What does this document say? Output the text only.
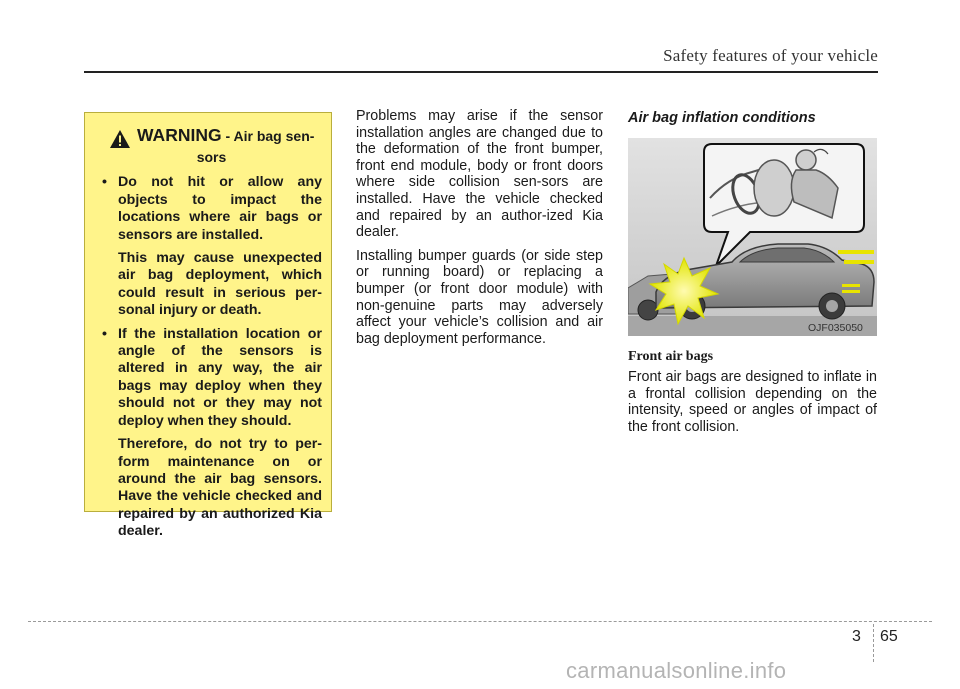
Safety features of your vehicle
WARNING - Air bag sen-
sors
• Do not hit or allow any objects to impact the locations where air bags or sensors are installed.
This may cause unexpected air bag deployment, which could result in serious per-sonal injury or death.
• If the installation location or angle of the sensors is altered in any way, the air bags may deploy when they should not or they may not deploy when they should.
Therefore, do not try to per-form maintenance on or around the air bag sensors. Have the vehicle checked and repaired by an authorized Kia dealer.

Problems may arise if the sensor installation angles are changed due to the deformation of the front bumper, front end module, body or front doors where side collision sen-sors are installed. Have the vehicle checked and repaired by an author-ized Kia dealer.

Installing bumper guards (or side step or running board) or replacing a bumper (or front door module) with non-genuine parts may adversely affect your vehicle’s collision and air bag deployment performance.

Air bag inflation conditions
OJF035050
Front air bags
Front air bags are designed to inflate in a frontal collision depending on the intensity, speed or angles of impact of the front collision.
3 65
carmanualsonline.info
